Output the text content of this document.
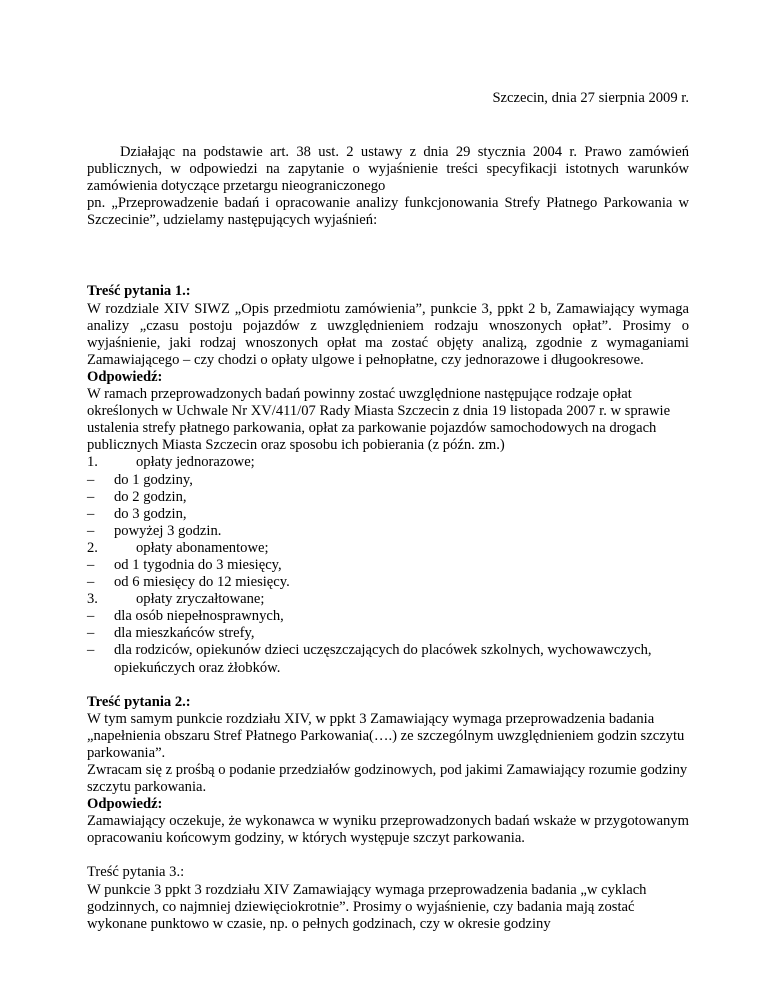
Szczecin, dnia 27 sierpnia 2009 r.

Działając na podstawie art. 38 ust. 2 ustawy z dnia 29 stycznia 2004 r. Prawo zamówień publicznych, w odpowiedzi na zapytanie o wyjaśnienie treści specyfikacji istotnych warunków zamówienia dotyczące przetargu nieograniczonego

pn. „Przeprowadzenie badań i opracowanie analizy funkcjonowania Strefy Płatnego Parkowania w Szczecinie”, udzielamy następujących wyjaśnień:

Treść pytania 1.:

W rozdziale XIV SIWZ „Opis przedmiotu zamówienia”, punkcie 3, ppkt 2 b, Zamawiający wymaga analizy „czasu postoju pojazdów z uwzględnieniem rodzaju wnoszonych opłat”. Prosimy o wyjaśnienie, jaki rodzaj wnoszonych opłat ma zostać objęty analizą, zgodnie z wymaganiami Zamawiającego – czy chodzi o opłaty ulgowe i pełnopłatne, czy jednorazowe i długookresowe.

Odpowiedź:

W ramach przeprowadzonych badań powinny zostać uwzględnione następujące rodzaje opłat określonych w Uchwale Nr XV/411/07 Rady Miasta Szczecin z dnia 19 listopada 2007 r. w sprawie ustalenia strefy płatnego parkowania, opłat za parkowanie pojazdów samochodowych na drogach publicznych Miasta Szczecin oraz sposobu ich pobierania (z późn. zm.)

1.	opłaty jednorazowe;
–	do 1 godziny,
–	do 2 godzin,
–	do 3 godzin,
–	powyżej 3 godzin.
2.	opłaty abonamentowe;
–	od 1 tygodnia do 3 miesięcy,
–	od 6 miesięcy do 12 miesięcy.
3.	opłaty zryczałtowane;
–	dla osób niepełnosprawnych,
–	dla mieszkańców strefy,
–	dla rodziców, opiekunów dzieci uczęszczających do placówek szkolnych, wychowawczych, opiekuńczych oraz żłobków.

Treść pytania 2.:

W tym samym punkcie rozdziału XIV, w ppkt 3 Zamawiający wymaga przeprowadzenia badania „napełnienia obszaru Stref Płatnego Parkowania(….) ze szczególnym uwzględnieniem godzin szczytu parkowania”.

Zwracam się z prośbą o podanie przedziałów godzinowych, pod jakimi Zamawiający rozumie godziny szczytu parkowania.

Odpowiedź:

Zamawiający oczekuje, że wykonawca w wyniku przeprowadzonych badań wskaże w przygotowanym opracowaniu końcowym godziny, w których występuje szczyt parkowania.

Treść pytania 3.:

W punkcie 3 ppkt 3 rozdziału XIV Zamawiający wymaga przeprowadzenia badania „w cyklach godzinnych, co najmniej dziewięciokrotnie”. Prosimy o wyjaśnienie, czy badania mają zostać wykonane punktowo w czasie, np. o pełnych godzinach, czy w okresie godziny
